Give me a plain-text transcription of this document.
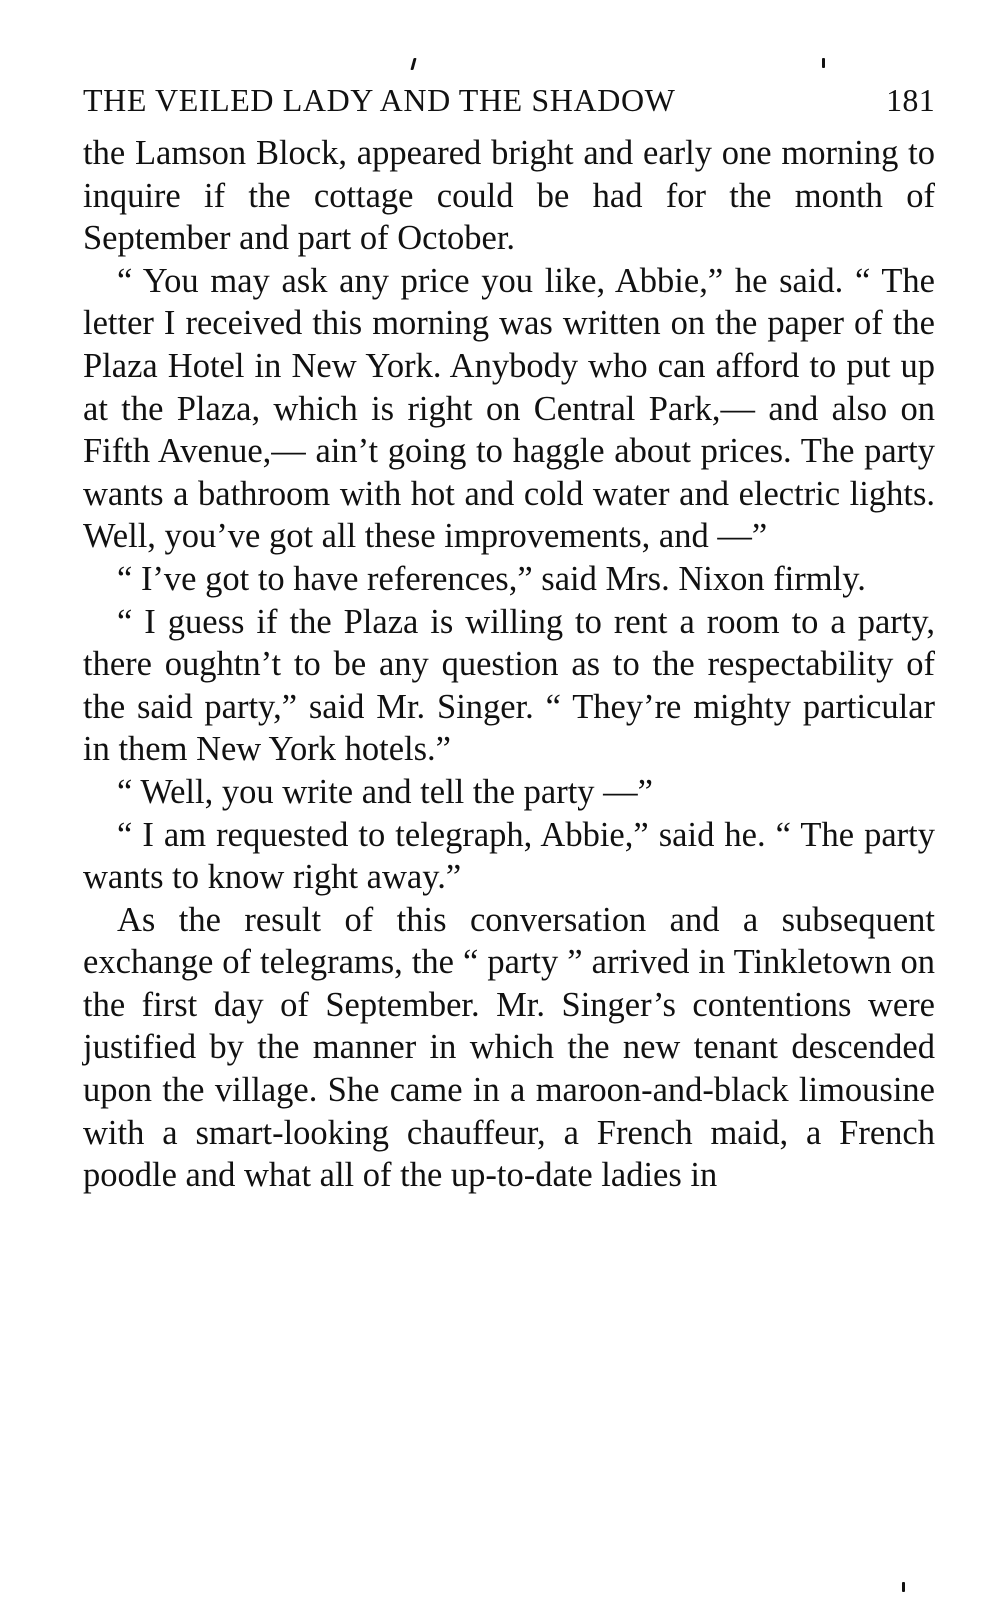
THE VEILED LADY AND THE SHADOW	181

the Lamson Block, appeared bright and early one morning to inquire if the cottage could be had for the month of September and part of October.

“ You may ask any price you like, Abbie,” he said. “ The letter I received this morning was written on the paper of the Plaza Hotel in New York. Anybody who can afford to put up at the Plaza, which is right on Central Park,— and also on Fifth Avenue,— ain’t going to haggle about prices. The party wants a bathroom with hot and cold water and electric lights. Well, you’ve got all these improvements, and —”

“ I’ve got to have references,” said Mrs. Nixon firmly.

“ I guess if the Plaza is willing to rent a room to a party, there oughtn’t to be any question as to the respectability of the said party,” said Mr. Singer. “ They’re mighty particular in them New York hotels.”

“ Well, you write and tell the party —”

“ I am requested to telegraph, Abbie,” said he. “ The party wants to know right away.”

As the result of this conversation and a subsequent exchange of telegrams, the “ party ” arrived in Tinkletown on the first day of September. Mr. Singer’s contentions were justified by the manner in which the new tenant descended upon the village. She came in a maroon-and-black limousine with a smart-looking chauffeur, a French maid, a French poodle and what all of the up-to-date ladies in
